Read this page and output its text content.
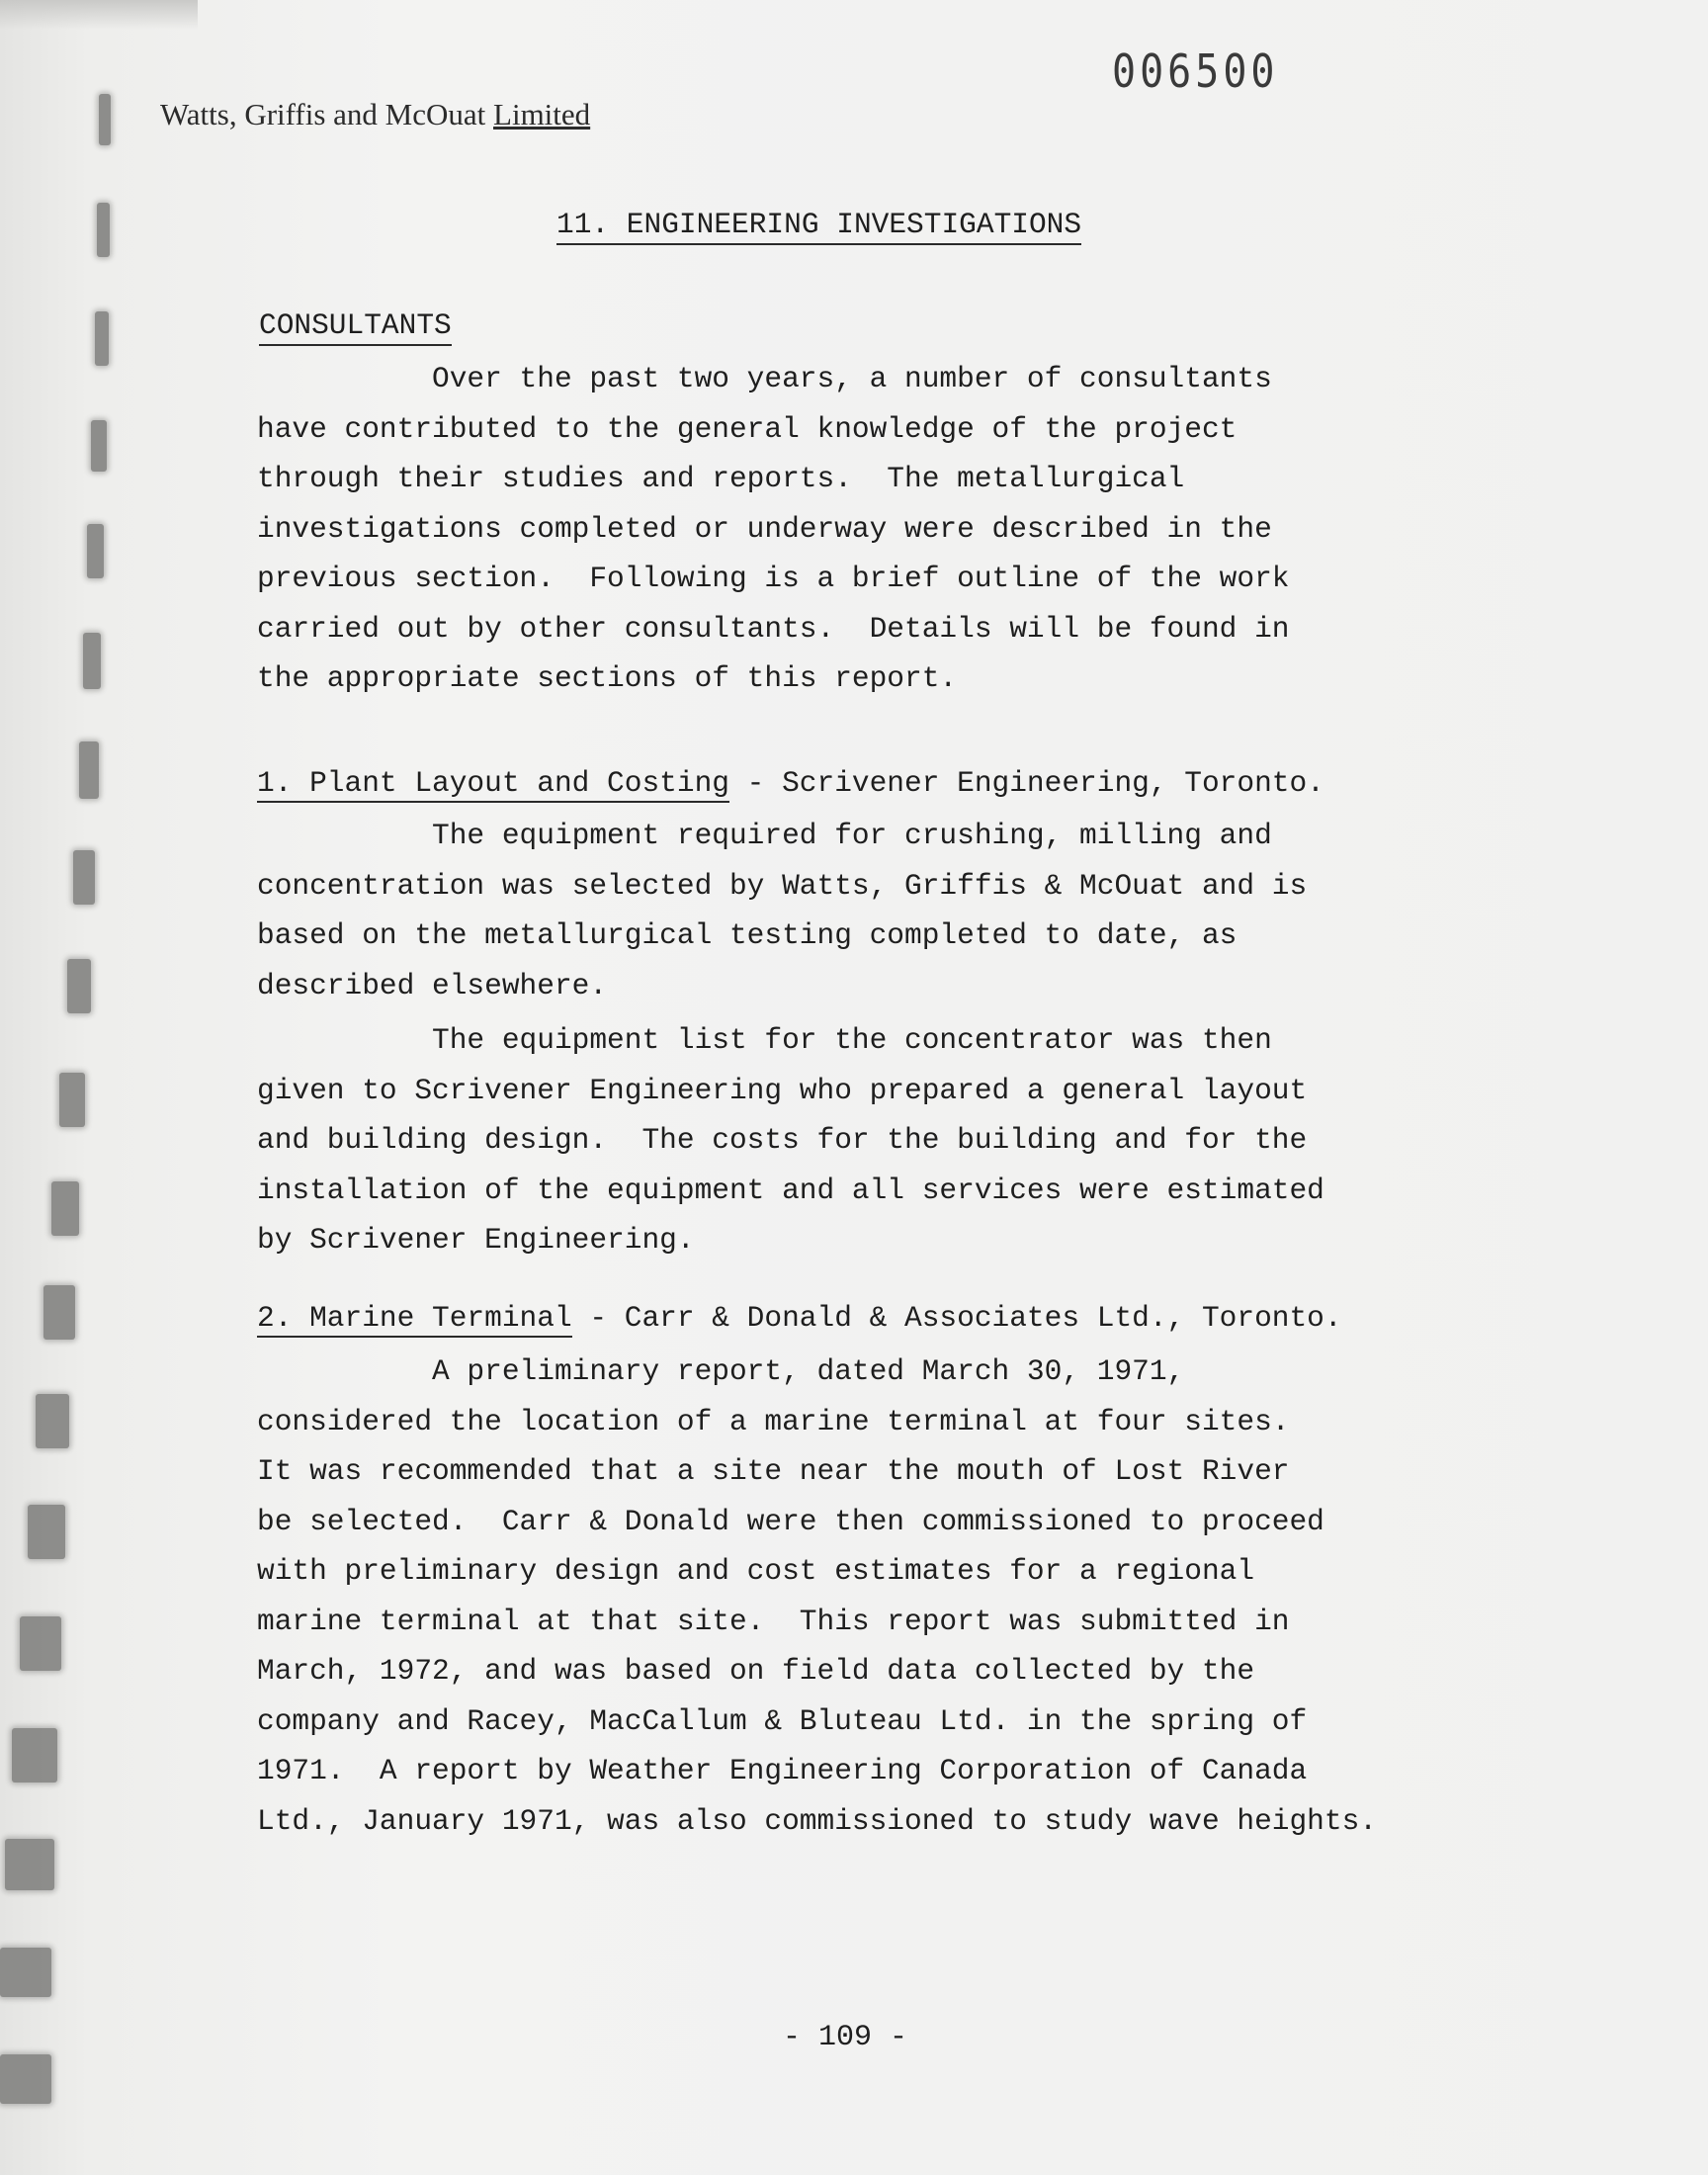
006500
Watts, Griffis and McOuat Limited
11. ENGINEERING INVESTIGATIONS
CONSULTANTS
Over the past two years, a number of consultants
have contributed to the general knowledge of the project
through their studies and reports.  The metallurgical
investigations completed or underway were described in the
previous section.  Following is a brief outline of the work
carried out by other consultants.  Details will be found in
the appropriate sections of this report.
1. Plant Layout and Costing - Scrivener Engineering, Toronto.
The equipment required for crushing, milling and
concentration was selected by Watts, Griffis & McOuat and is
based on the metallurgical testing completed to date, as
described elsewhere.
The equipment list for the concentrator was then
given to Scrivener Engineering who prepared a general layout
and building design.  The costs for the building and for the
installation of the equipment and all services were estimated
by Scrivener Engineering.
2. Marine Terminal - Carr & Donald & Associates Ltd., Toronto.
A preliminary report, dated March 30, 1971,
considered the location of a marine terminal at four sites.
It was recommended that a site near the mouth of Lost River
be selected.  Carr & Donald were then commissioned to proceed
with preliminary design and cost estimates for a regional
marine terminal at that site.  This report was submitted in
March, 1972, and was based on field data collected by the
company and Racey, MacCallum & Bluteau Ltd. in the spring of
1971.  A report by Weather Engineering Corporation of Canada
Ltd., January 1971, was also commissioned to study wave heights.
- 109 -
